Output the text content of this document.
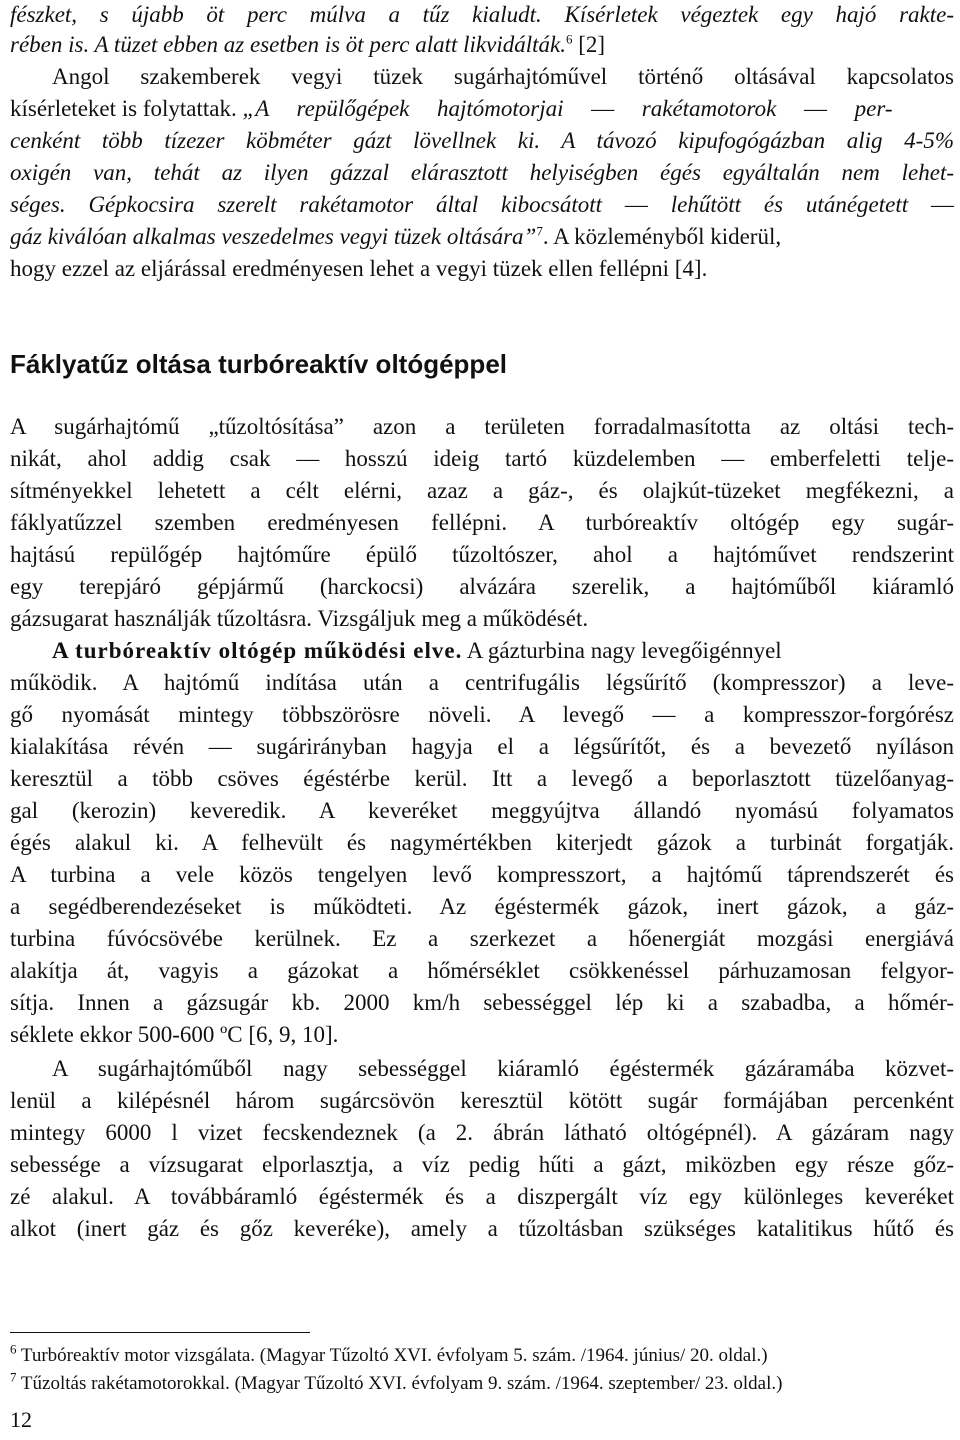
fészket, s újabb öt perc múlva a tűz kialudt. Kísérletek végeztek egy hajó rakte-
rében is. A tüzet ebben az esetben is öt perc alatt likvidálták.$^6$ [2]
Angol szakemberek vegyi tüzek sugárhajtóművel történő oltásával kapcsolatos
kísérleteket is folytattak. „A repülőgépek hajtómotorjai ― rakétamotorok ― per-
cenként több tízezer köbméter gázt lövellnek ki. A távozó kipufogógázban alig 4-5%
oxigén van, tehát az ilyen gázzal elárasztott helyiségben égés egyáltalán nem lehet-
séges. Gépkocsira szerelt rakétamotor által kibocsátott ― lehűtött és utánégetett ―
gáz kiválóan alkalmas veszedelmes vegyi tüzek oltására”$^7$. A közleményből kiderül,
hogy ezzel az eljárással eredményesen lehet a vegyi tüzek ellen fellépni [4].
Fáklyatűz oltása turbóreaktív oltógéppel
A sugárhajtómű „tűzoltósítása” azon a területen forradalmasította az oltási tech-
nikát, ahol addig csak ― hosszú ideig tartó küzdelemben ― emberfeletti telje-
sítményekkel lehetett a célt elérni, azaz a gáz-, és olajkút-tüzeket megfékezni, a
fáklyatűzzel szemben eredményesen fellépni. A turbóreaktív oltógép egy sugár-
hajtású repülőgép hajtóműre épülő tűzoltószer, ahol a hajtóművet rendszerint
egy terepjáró gépjármű (harckocsi) alvázára szerelik, a hajtóműből kiáramló
gázsugarat használják tűzoltásra. Vizsgáljuk meg a működését.
A turbóreaktív oltógép működési elve. A gázturbina nagy levegőigénnyel
működik. A hajtómű indítása után a centrifugális légsűrítő (kompresszor) a leve-
gő nyomását mintegy többszörösre növeli. A levegő ― a kompresszor-forgórész
kialakítása révén ― sugárirányban hagyja el a légsűrítőt, és a bevezető nyíláson
keresztül a több csöves égéstérbe kerül. Itt a levegő a beporlasztott tüzelőanyag-
gal (kerozin) keveredik. A keveréket meggyújtva állandó nyomású folyamatos
égés alakul ki. A felhevült és nagymértékben kiterjedt gázok a turbinát forgatják.
A turbina a vele közös tengelyen levő kompresszort, a hajtómű táprendszerét és
a segédberendezéseket is működteti. Az égéstermék gázok, inert gázok, a gáz-
turbina fúvócsövébe kerülnek. Ez a szerkezet a hőenergiát mozgási energiává
alakítja át, vagyis a gázokat a hőmérséklet csökkenéssel párhuzamosan felgyor-
sítja. Innen a gázsugár kb. 2000 km/h sebességgel lép ki a szabadba, a hőmér-
séklete ekkor 500-600 ºC [6, 9, 10].
A sugárhajtóműből nagy sebességgel kiáramló égéstermék gázáramába közvet-
lenül a kilépésnél három sugárcsövön keresztül kötött sugár formájában percenként
mintegy 6000 l vizet fecskendeznek (a 2. ábrán látható oltógépnél). A gázáram nagy
sebessége a vízsugarat elporlasztja, a víz pedig hűti a gázt, miközben egy része gőz-
zé alakul. A továbbáramló égéstermék és a diszpergált víz egy különleges keveréket
alkot (inert gáz és gőz keveréke), amely a tűzoltásban szükséges katalitikus hűtő és
$^6$ Turbóreaktív motor vizsgálata. (Magyar Tűzoltó XVI. évfolyam 5. szám. /1964. június/ 20. oldal.)
$^7$ Tűzoltás rakétamotorokkal. (Magyar Tűzoltó XVI. évfolyam 9. szám. /1964. szeptember/ 23. oldal.)
12
